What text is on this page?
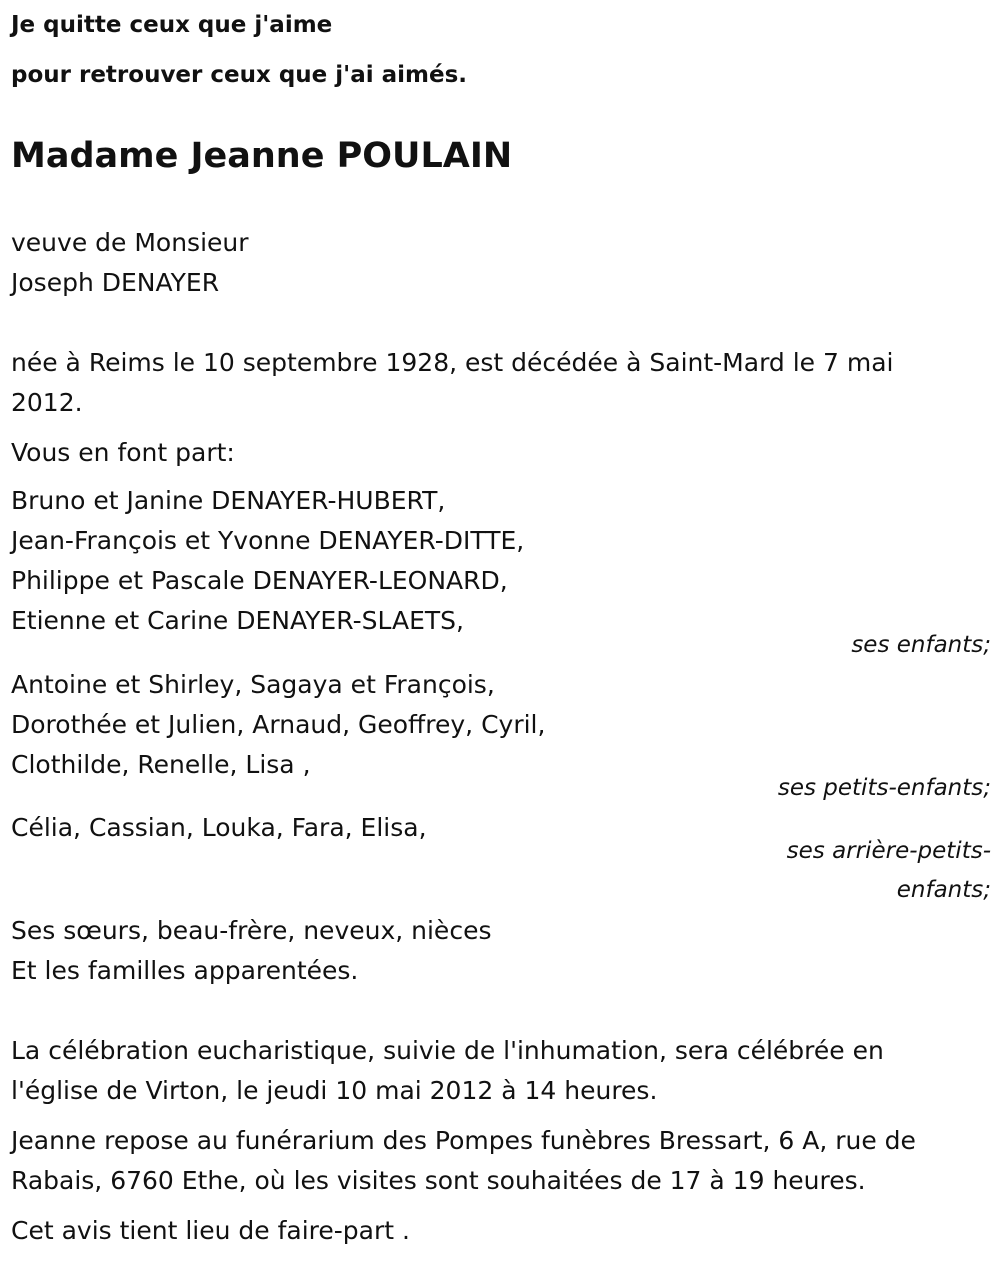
Je quitte ceux que j'aime

pour retrouver ceux que j'ai aimés.

Madame Jeanne POULAIN
veuve de Monsieur
Joseph DENAYER
née à Reims le 10 septembre 1928, est décédée à Saint-Mard le 7 mai
2012.
Vous en font part:
Bruno et Janine DENAYER-HUBERT,
Jean-François et Yvonne DENAYER-DITTE,
Philippe et Pascale DENAYER-LEONARD,
Etienne et Carine DENAYER-SLAETS,
ses enfants;
Antoine et Shirley, Sagaya et François,
Dorothée et Julien, Arnaud, Geoffrey, Cyril,
Clothilde, Renelle, Lisa ,
ses petits-enfants;
Célia, Cassian, Louka, Fara, Elisa,
ses arrière-petits-
enfants;
Ses sœurs, beau-frère, neveux, nièces
Et les familles apparentées.
La célébration eucharistique, suivie de l'inhumation, sera célébrée en
l'église de Virton, le jeudi 10 mai 2012 à 14 heures.
Jeanne repose au funérarium des Pompes funèbres Bressart, 6 A, rue de
Rabais, 6760 Ethe, où les visites sont souhaitées de 17 à 19 heures.
Cet avis tient lieu de faire-part .
